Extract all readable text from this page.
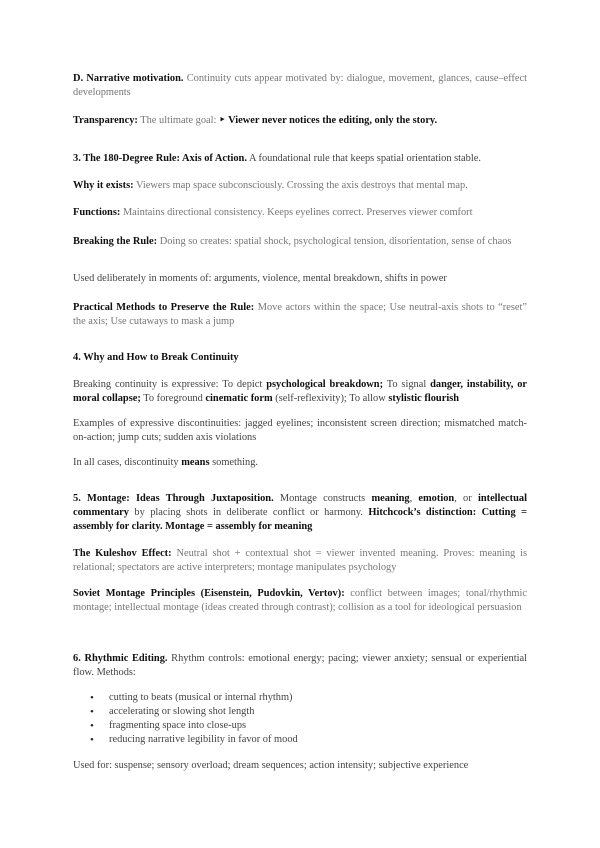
D. Narrative motivation. Continuity cuts appear motivated by: dialogue, movement, glances, cause–effect developments

Transparency: The ultimate goal: ‣ Viewer never notices the editing, only the story.

3. The 180-Degree Rule: Axis of Action. A foundational rule that keeps spatial orientation stable.

Why it exists: Viewers map space subconsciously. Crossing the axis destroys that mental map.

Functions: Maintains directional consistency. Keeps eyelines correct. Preserves viewer comfort

Breaking the Rule: Doing so creates: spatial shock, psychological tension, disorientation, sense of chaos

Used deliberately in moments of: arguments, violence, mental breakdown, shifts in power

Practical Methods to Preserve the Rule: Move actors within the space; Use neutral-axis shots to “reset” the axis; Use cutaways to mask a jump

4. Why and How to Break Continuity

Breaking continuity is expressive: To depict psychological breakdown; To signal danger, instability, or moral collapse; To foreground cinematic form (self-reflexivity); To allow stylistic flourish

Examples of expressive discontinuities: jagged eyelines; inconsistent screen direction; mismatched match-on-action; jump cuts; sudden axis violations

In all cases, discontinuity means something.

5. Montage: Ideas Through Juxtaposition. Montage constructs meaning, emotion, or intellectual commentary by placing shots in deliberate conflict or harmony. Hitchcock’s distinction: Cutting = assembly for clarity. Montage = assembly for meaning

The Kuleshov Effect: Neutral shot + contextual shot = viewer invented meaning. Proves: meaning is relational; spectators are active interpreters; montage manipulates psychology

Soviet Montage Principles (Eisenstein, Pudovkin, Vertov): conflict between images; tonal/rhythmic montage; intellectual montage (ideas created through contrast); collision as a tool for ideological persuasion

6. Rhythmic Editing. Rhythm controls: emotional energy; pacing; viewer anxiety; sensual or experiential flow. Methods:

• cutting to beats (musical or internal rhythm)
• accelerating or slowing shot length
• fragmenting space into close-ups
• reducing narrative legibility in favor of mood

Used for: suspense; sensory overload; dream sequences; action intensity; subjective experience
